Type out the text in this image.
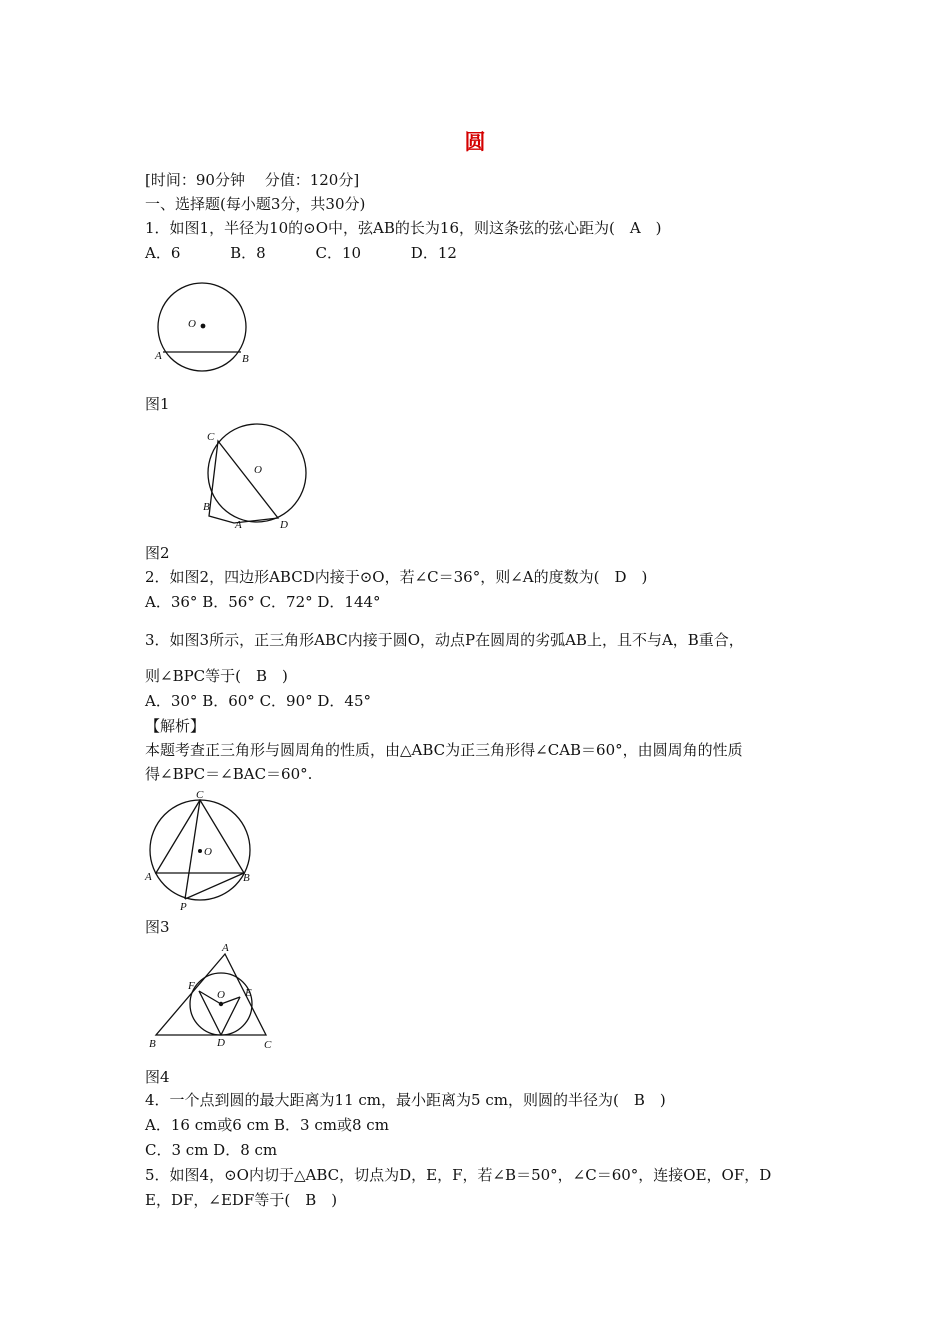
圆
[时间：90分钟　 分值：120分]
一、选择题(每小题3分，共30分)
1．如图1，半径为10的⊙O中，弦AB的长为16，则这条弦的弦心距为(　A　)
A．6　　　 B．8　　　 C．10　　　 D．12
O
A	B
图1
C
O
B
A	D
图2
2．如图2，四边形ABCD内接于⊙O，若∠C＝36°，则∠A的度数为(　D　)
A．36° B．56° C．72° D．144°
3．如图3所示，正三角形ABC内接于圆O，动点P在圆周的劣弧AB上，且不与A，B重合，
则∠BPC等于(　B　)
A．30° B．60° C．90° D．45°
【解析】
本题考查正三角形与圆周角的性质，由△ABC为正三角形得∠CAB＝60°，由圆周角的性质
得∠BPC＝∠BAC＝60°.
C
O
A	B
P
图3
A
F
O E
B	D	C
图4
4．一个点到圆的最大距离为11 cm，最小距离为5 cm，则圆的半径为(　B　)
A．16 cm或6 cm B．3 cm或8 cm
C．3 cm D．8 cm
5．如图4，⊙O内切于△ABC，切点为D，E，F，若∠B＝50°，∠C＝60°，连接OE，OF，D
E，DF，∠EDF等于(　B　)
